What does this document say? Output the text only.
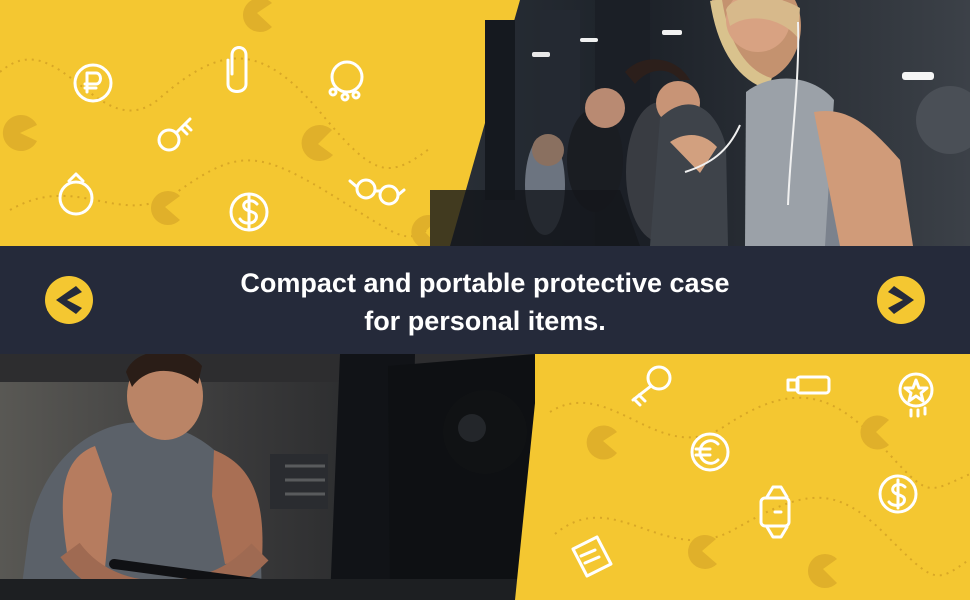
Compact and portable protective case
for personal items.
